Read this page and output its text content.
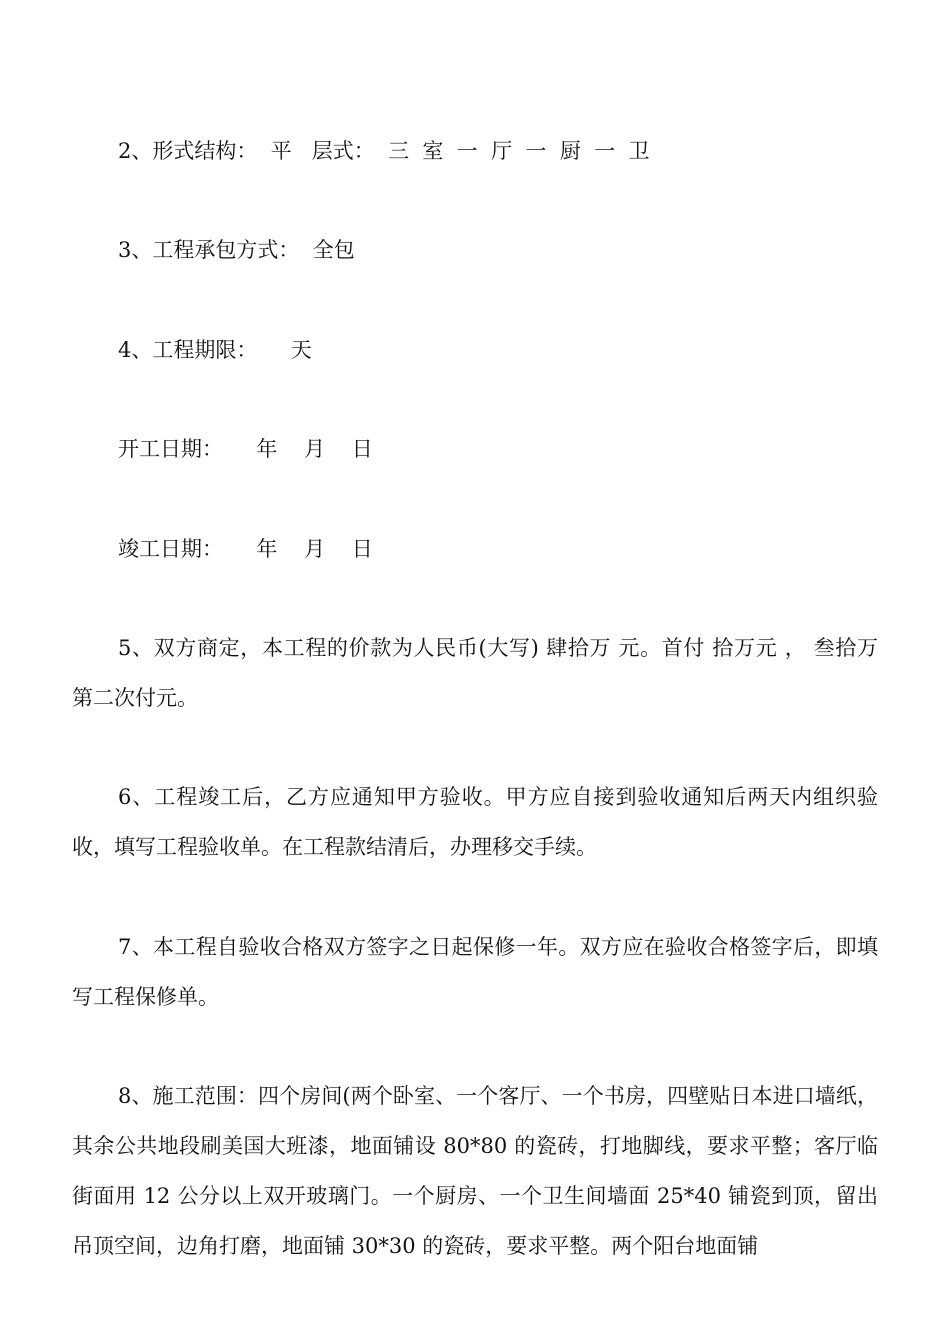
2、形式结构：  平   层式：  三  室  一  厅  一  厨  一  卫

3、工程承包方式：  全包

4、工程期限：     天

开工日期：     年    月    日

竣工日期：     年    月    日

5、双方商定，本工程的价款为人民币(大写) 肆拾万 元。首付 拾万元 ， 叁拾万 第二次付元。

6、工程竣工后，乙方应通知甲方验收。甲方应自接到验收通知后两天内组织验收，填写工程验收单。在工程款结清后，办理移交手续。

7、本工程自验收合格双方签字之日起保修一年。双方应在验收合格签字后，即填写工程保修单。

8、施工范围：四个房间(两个卧室、一个客厅、一个书房，四壁贴日本进口墙纸，其余公共地段刷美国大班漆，地面铺设 80*80 的瓷砖，打地脚线，要求平整；客厅临街面用 12 公分以上双开玻璃门。一个厨房、一个卫生间墙面 25*40 铺瓷到顶，留出吊顶空间，边角打磨，地面铺 30*30 的瓷砖，要求平整。两个阳台地面铺
